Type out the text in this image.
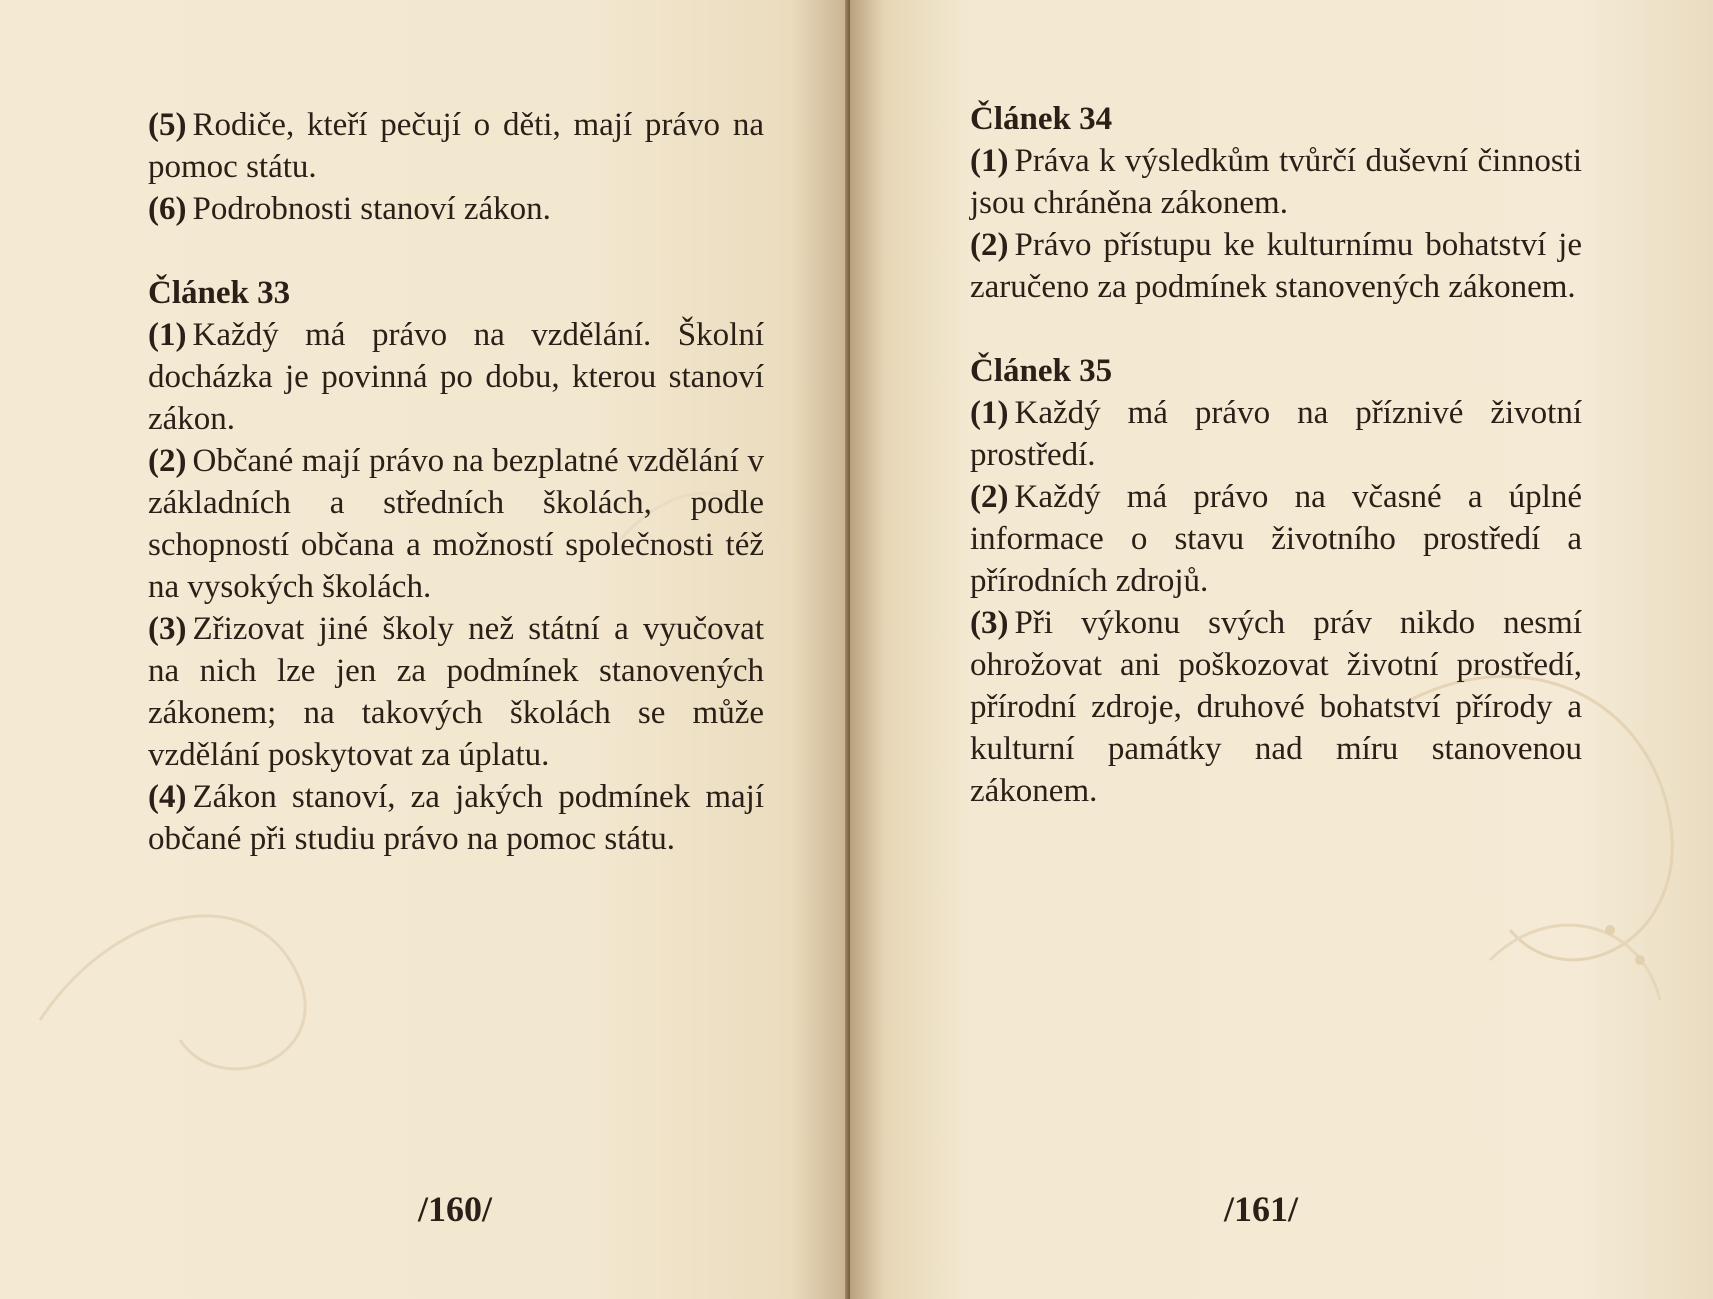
(5) Rodiče, kteří pečují o děti, mají právo na pomoc státu.

(6) Podrobnosti stanoví zákon.

Článek 33

(1) Každý má právo na vzdělání. Školní docházka je povinná po dobu, kterou stanoví zákon.

(2) Občané mají právo na bezplatné vzdělání v základních a středních školách, podle schopností občana a možností společnosti též na vysokých školách.

(3) Zřizovat jiné školy než státní a vyučovat na nich lze jen za podmínek stanovených zákonem; na takových školách se může vzdělání poskytovat za úplatu.

(4) Zákon stanoví, za jakých podmínek mají občané při studiu právo na pomoc státu.

/160/

Článek 34

(1) Práva k výsledkům tvůrčí duševní činnosti jsou chráněna zákonem.

(2) Právo přístupu ke kulturnímu bohatství je zaručeno za podmínek stanovených zákonem.

Článek 35

(1) Každý má právo na příznivé životní prostředí.

(2) Každý má právo na včasné a úplné informace o stavu životního prostředí a přírodních zdrojů.

(3) Při výkonu svých práv nikdo nesmí ohrožovat ani poškozovat životní prostředí, přírodní zdroje, druhové bohatství přírody a kulturní památky nad míru stanovenou zákonem.

/161/
